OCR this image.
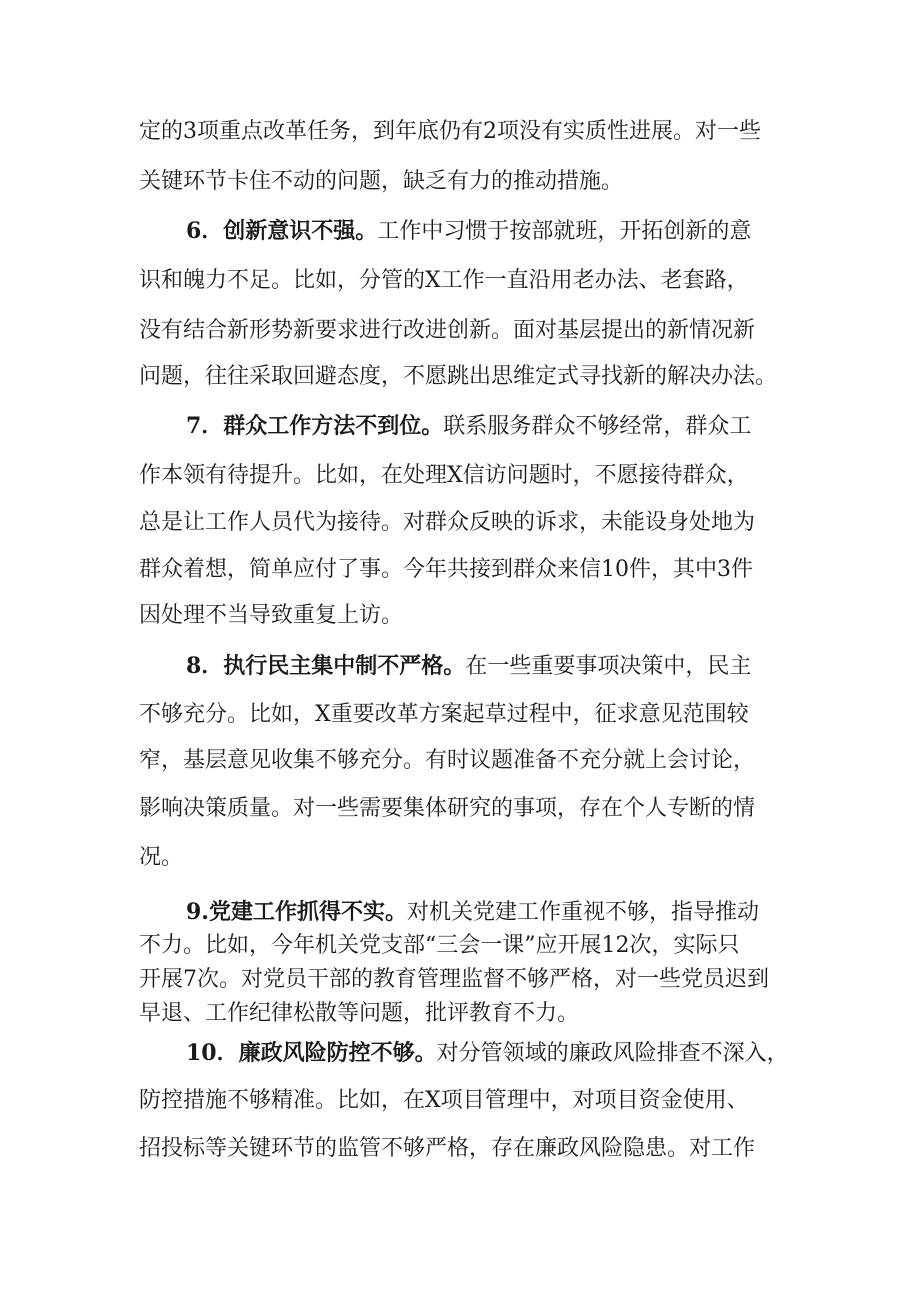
定的3项重点改革任务，到年底仍有2项没有实质性进展。对一些
关键环节卡住不动的问题，缺乏有力的推动措施。
6．创新意识不强。工作中习惯于按部就班，开拓创新的意
识和魄力不足。比如，分管的X工作一直沿用老办法、老套路，
没有结合新形势新要求进行改进创新。面对基层提出的新情况新
问题，往往采取回避态度，不愿跳出思维定式寻找新的解决办法。
7．群众工作方法不到位。联系服务群众不够经常，群众工
作本领有待提升。比如，在处理X信访问题时，不愿接待群众，
总是让工作人员代为接待。对群众反映的诉求，未能设身处地为
群众着想，简单应付了事。今年共接到群众来信10件，其中3件
因处理不当导致重复上访。
8．执行民主集中制不严格。在一些重要事项决策中，民主
不够充分。比如，X重要改革方案起草过程中，征求意见范围较
窄，基层意见收集不够充分。有时议题准备不充分就上会讨论，
影响决策质量。对一些需要集体研究的事项，存在个人专断的情
况。
9.党建工作抓得不实。对机关党建工作重视不够，指导推动
不力。比如，今年机关党支部“三会一课”应开展12次，实际只
开展7次。对党员干部的教育管理监督不够严格，对一些党员迟到
早退、工作纪律松散等问题，批评教育不力。
10．廉政风险防控不够。对分管领域的廉政风险排查不深入，
防控措施不够精准。比如，在X项目管理中，对项目资金使用、
招投标等关键环节的监管不够严格，存在廉政风险隐患。对工作
